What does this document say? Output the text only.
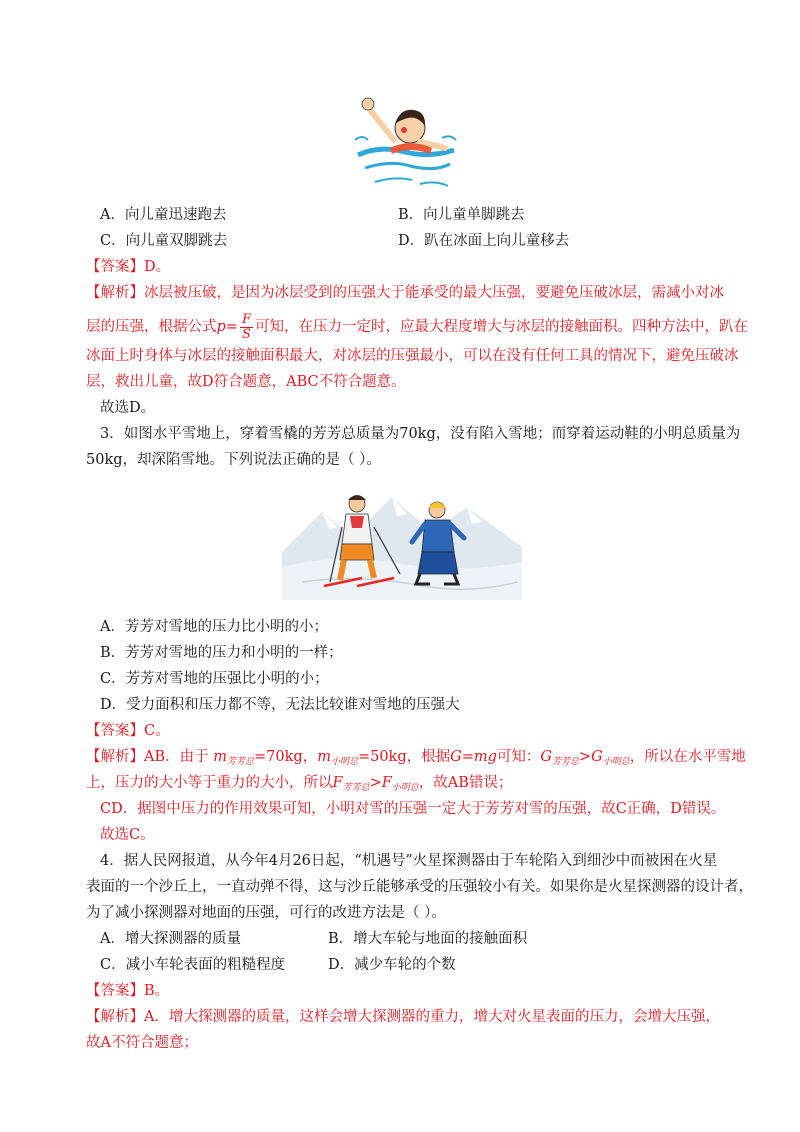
A．向儿童迅速跑去	B．向儿童单脚跳去
C．向儿童双脚跳去	D．趴在冰面上向儿童移去
【答案】D。
【解析】冰层被压破，是因为冰层受到的压强大于能承受的最大压强，要避免压破冰层，需减小对冰
层的压强，根据公式$p= \frac{F}{S}$ 可知，在压力一定时，应最大程度增大与冰层的接触面积。四种方法中，趴在
冰面上时身体与冰层的接触面积最大，对冰层的压强最小，可以在没有任何工具的情况下，避免压破冰
层，救出儿童，故D符合题意，ABC不符合题意。
故选D。
3．如图水平雪地上，穿着雪橇的芳芳总质量为70kg，没有陷入雪地；而穿着运动鞋的小明总质量为
50kg，却深陷雪地。下列说法正确的是（ ）。
A．芳芳对雪地的压力比小明的小；
B．芳芳对雪地的压力和小明的一样；
C．芳芳对雪地的压强比小明的小；
D．受力面积和压力都不等，无法比较谁对雪地的压强大
【答案】C。
【解析】AB．由于 $m_{芳芳总}=70kg$，$m_{小明总}=50kg$，根据G=mg可知：$G_{芳芳总}>G_{小明总}$，所以在水平雪地
上，压力的大小等于重力的大小，所以$F_{芳芳总}>F_{小明总}$，故AB错误；
CD．据图中压力的作用效果可知，小明对雪的压强一定大于芳芳对雪的压强，故C正确，D错误。
故选C。
4．据人民网报道，从今年4月26日起，“机遇号”火星探测器由于车轮陷入到细沙中而被困在火星
表面的一个沙丘上，一直动弹不得，这与沙丘能够承受的压强较小有关。如果你是火星探测器的设计者，
为了减小探测器对地面的压强，可行的改进方法是（ ）。
A．增大探测器的质量	B．增大车轮与地面的接触面积
C．减小车轮表面的粗糙程度	D．减少车轮的个数
【答案】B。
【解析】A．增大探测器的质量，这样会增大探测器的重力，增大对火星表面的压力，会增大压强，
故A不符合题意；
